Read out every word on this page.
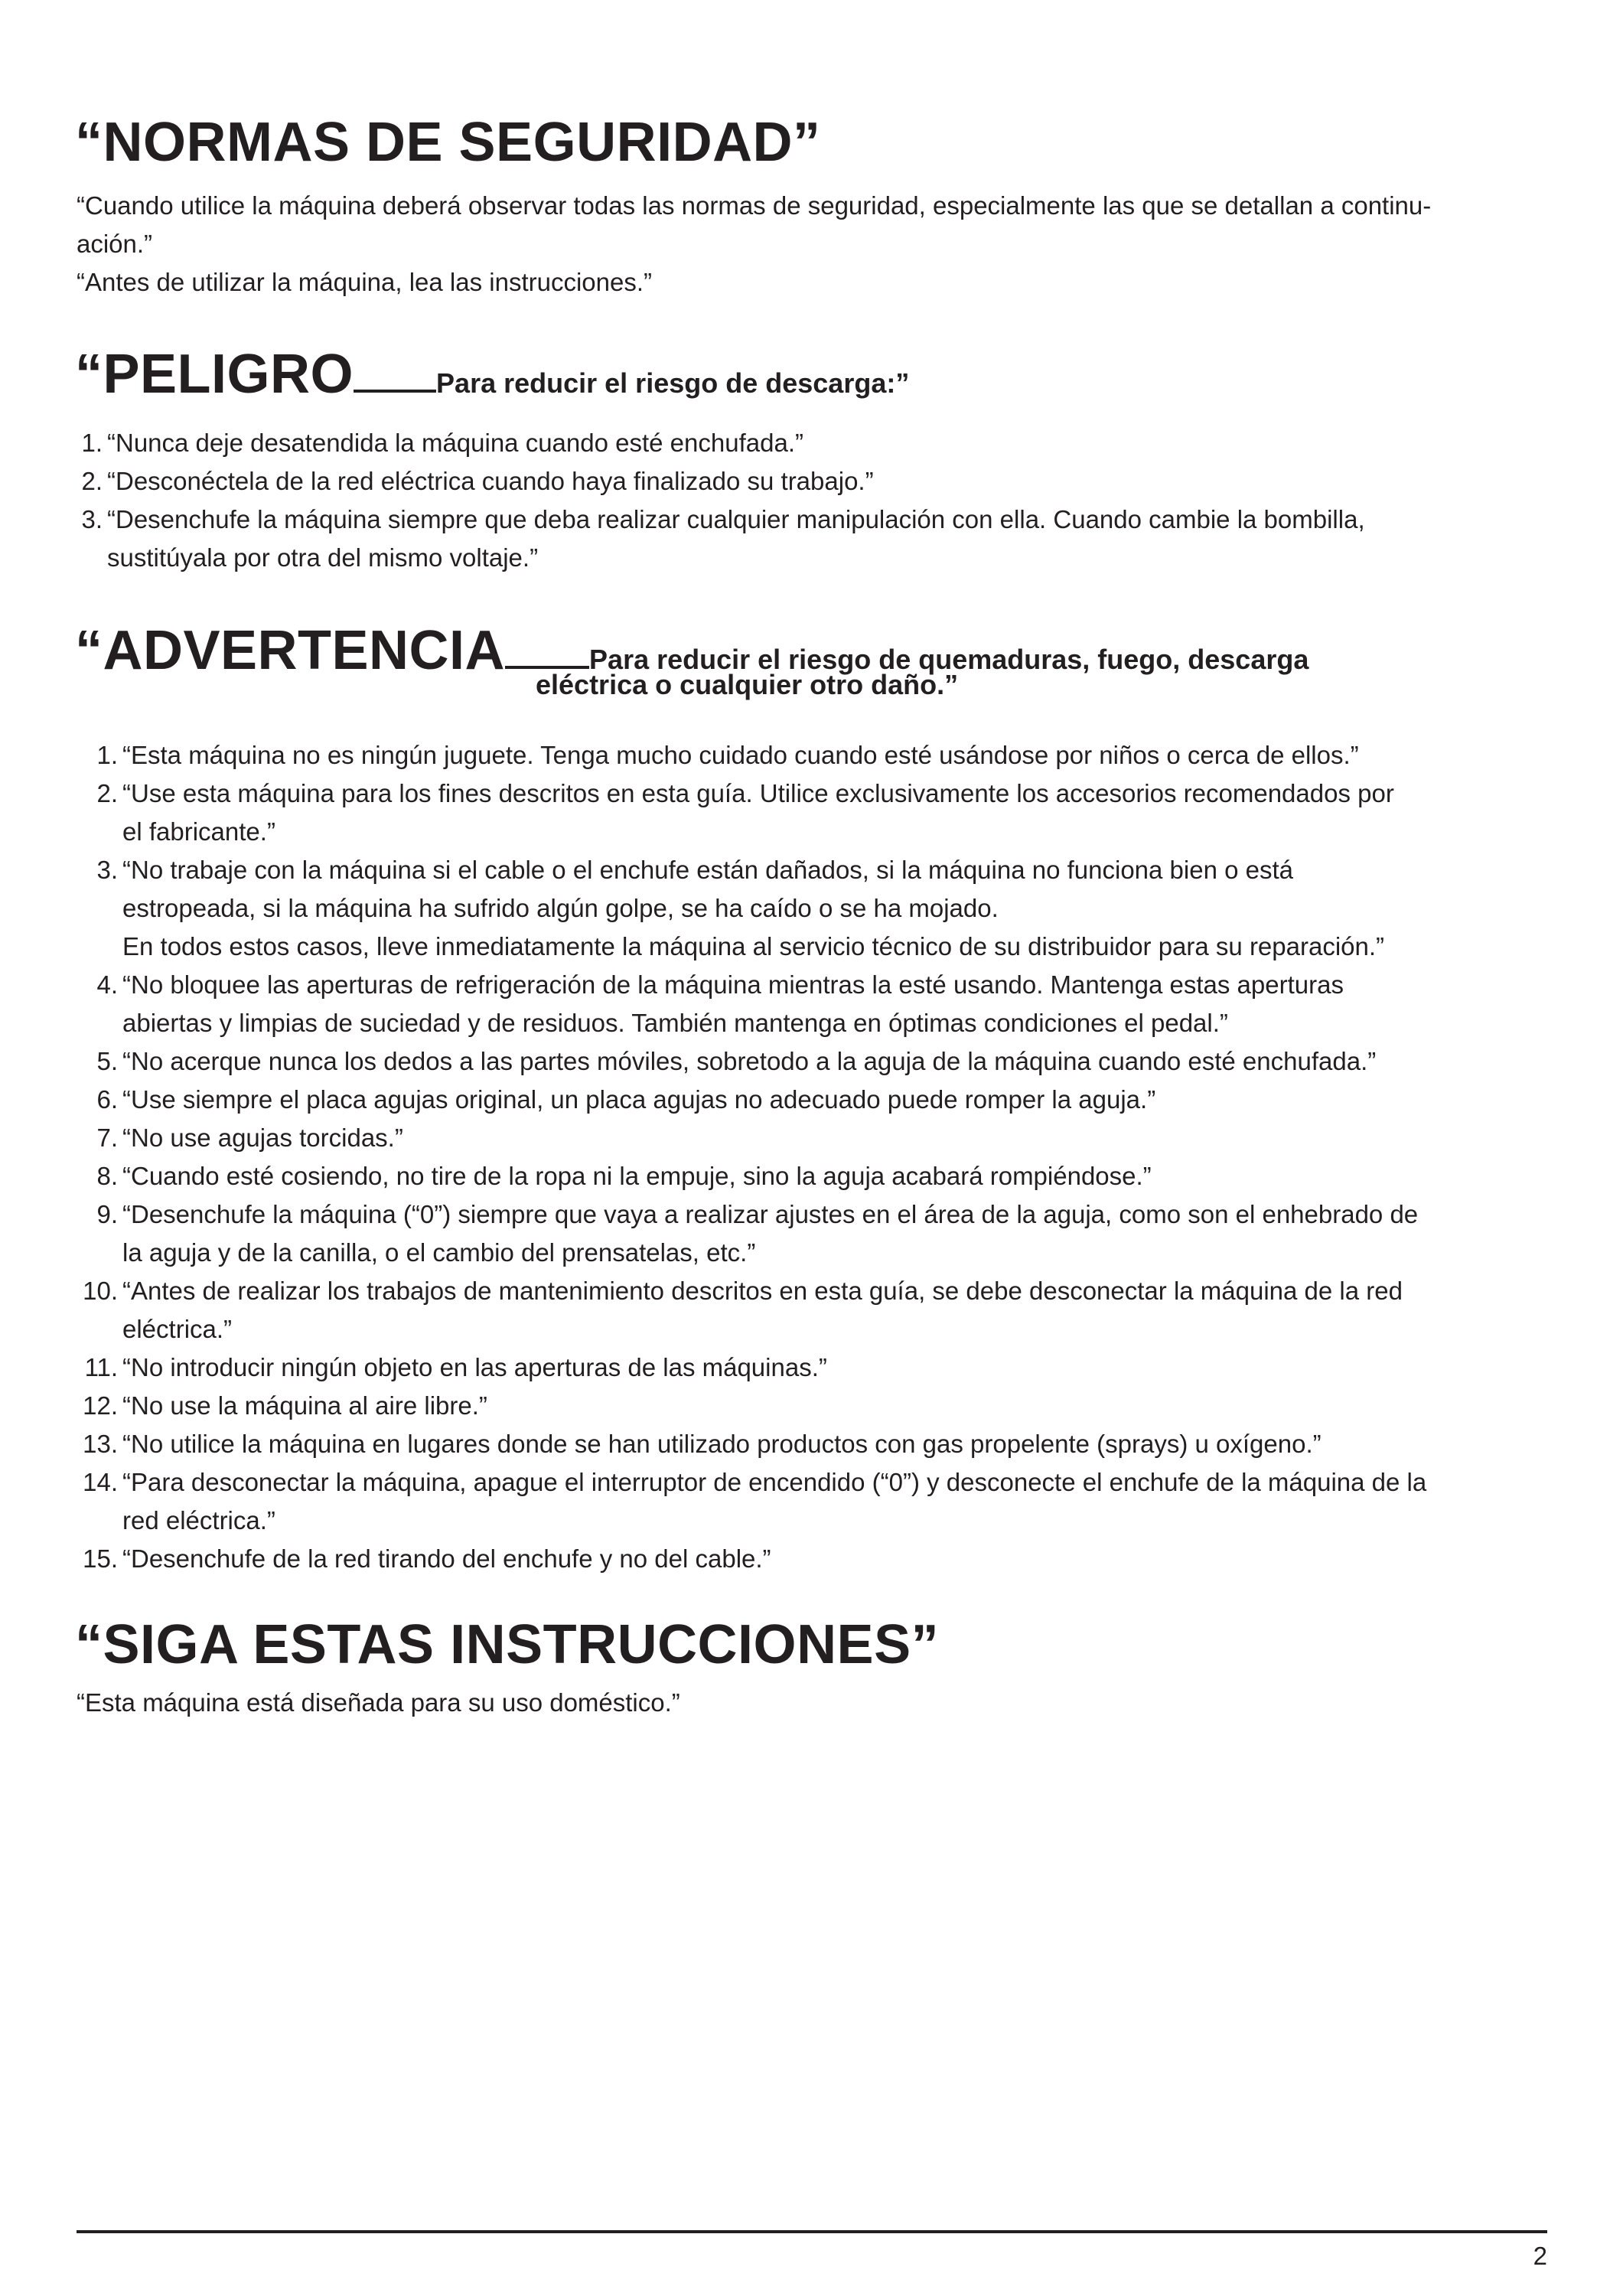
“NORMAS DE SEGURIDAD”

“Cuando utilice la máquina deberá observar todas las normas de seguridad, especialmente las que se detallan a continu-

ación.”

“Antes de utilizar la máquina, lea las instrucciones.”

“PELIGRO	Para reducir el riesgo de descarga:”
1. “Nunca deje desatendida la máquina cuando esté enchufada.”
2. “Desconéctela de la red eléctrica cuando haya finalizado su trabajo.”
3. “Desenchufe la máquina siempre que deba realizar cualquier manipulación con ella. Cuando cambie la bombilla,
sustitúyala por otra del mismo voltaje.”
“ADVERTENCIA	Para reducir el riesgo de quemaduras, fuego, descarga
eléctrica o cualquier otro daño.”
1. “Esta máquina no es ningún juguete. Tenga mucho cuidado cuando esté usándose por niños o cerca de ellos.”
2. “Use esta máquina para los fines descritos en esta guía. Utilice exclusivamente los accesorios recomendados por
el fabricante.”
3. “No trabaje con la máquina si el cable o el enchufe están dañados, si la máquina no funciona bien o está
estropeada, si la máquina ha sufrido algún golpe, se ha caído o se ha mojado.
En todos estos casos, lleve inmediatamente la máquina al servicio técnico de su distribuidor para su reparación.”
4. “No bloquee las aperturas de refrigeración de la máquina mientras la esté usando. Mantenga estas aperturas
abiertas y limpias de suciedad y de residuos. También mantenga en óptimas condiciones el pedal.”
5. “No acerque nunca los dedos a las partes móviles, sobretodo a la aguja de la máquina cuando esté enchufada.”
6. “Use siempre el placa agujas original, un placa agujas no adecuado puede romper la aguja.”
7. “No use agujas torcidas.”
8. “Cuando esté cosiendo, no tire de la ropa ni la empuje, sino la aguja acabará rompiéndose.”
9. “Desenchufe la máquina (“0”) siempre que vaya a realizar ajustes en el área de la aguja, como son el enhebrado de
la aguja y de la canilla, o el cambio del prensatelas, etc.”
10. “Antes de realizar los trabajos de mantenimiento descritos en esta guía, se debe desconectar la máquina de la red
eléctrica.”
11. “No introducir ningún objeto en las aperturas de las máquinas.”
12. “No use la máquina al aire libre.”
13. “No utilice la máquina en lugares donde se han utilizado productos con gas propelente (sprays) u oxígeno.”
14. “Para desconectar la máquina, apague el interruptor de encendido (“0”) y desconecte el enchufe de la máquina de la
red eléctrica.”
15. “Desenchufe de la red tirando del enchufe y no del cable.”
“SIGA ESTAS INSTRUCCIONES”
“Esta máquina está diseñada para su uso doméstico.”
2
